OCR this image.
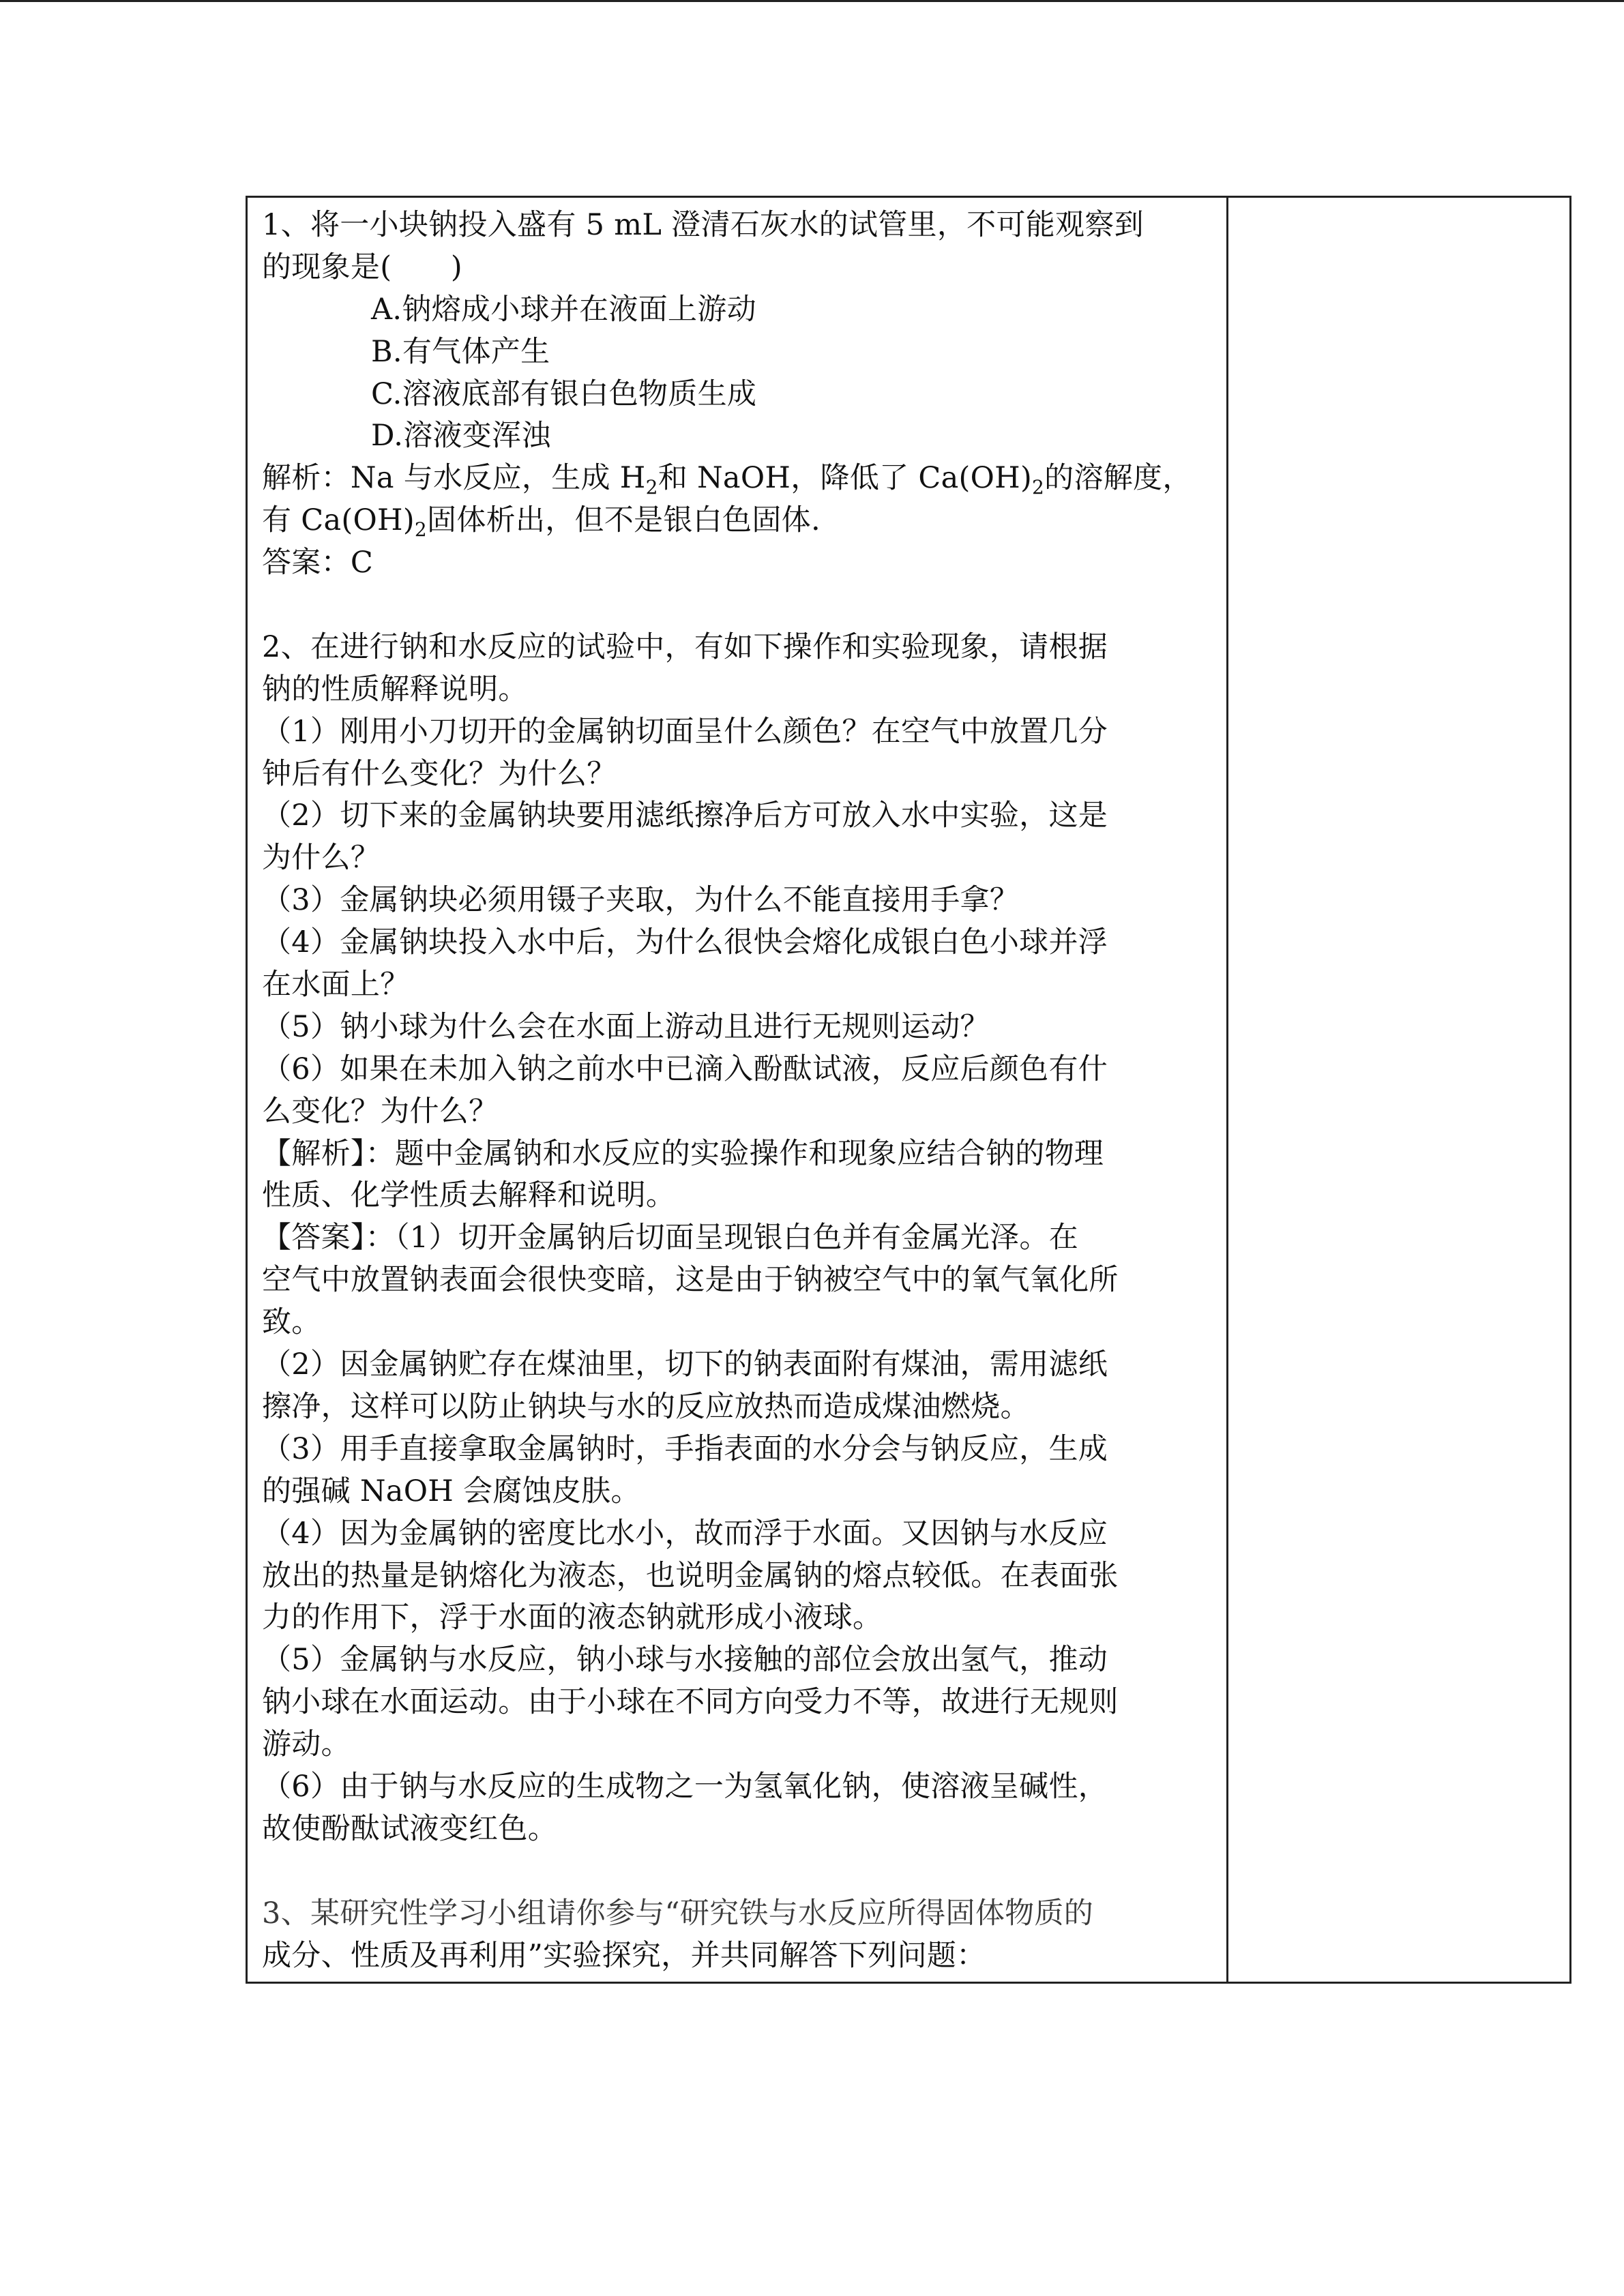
1、将一小块钠投入盛有 5 mL 澄清石灰水的试管里，不可能观察到
的现象是(　　)
A.钠熔成小球并在液面上游动
B.有气体产生
C.溶液底部有银白色物质生成
D.溶液变浑浊
解析：Na 与水反应，生成 $H_2$和 NaOH，降低了 $Ca(OH)_2$的溶解度，
有 $Ca(OH)_2$固体析出，但不是银白色固体.
答案：C
2、在进行钠和水反应的试验中，有如下操作和实验现象，请根据
钠的性质解释说明。
（1）刚用小刀切开的金属钠切面呈什么颜色？在空气中放置几分
钟后有什么变化？为什么？
（2）切下来的金属钠块要用滤纸擦净后方可放入水中实验，这是
为什么？
（3）金属钠块必须用镊子夹取，为什么不能直接用手拿？
（4）金属钠块投入水中后，为什么很快会熔化成银白色小球并浮
在水面上？
（5）钠小球为什么会在水面上游动且进行无规则运动？
（6）如果在未加入钠之前水中已滴入酚酞试液，反应后颜色有什
么变化？为什么？
【解析】：题中金属钠和水反应的实验操作和现象应结合钠的物理
性质、化学性质去解释和说明。
【答案】：（1）切开金属钠后切面呈现银白色并有金属光泽。在
空气中放置钠表面会很快变暗，这是由于钠被空气中的氧气氧化所
致。
（2）因金属钠贮存在煤油里，切下的钠表面附有煤油，需用滤纸
擦净，这样可以防止钠块与水的反应放热而造成煤油燃烧。
（3）用手直接拿取金属钠时，手指表面的水分会与钠反应，生成
的强碱 NaOH 会腐蚀皮肤。
（4）因为金属钠的密度比水小，故而浮于水面。又因钠与水反应
放出的热量是钠熔化为液态，也说明金属钠的熔点较低。在表面张
力的作用下，浮于水面的液态钠就形成小液球。
（5）金属钠与水反应，钠小球与水接触的部位会放出氢气，推动
钠小球在水面运动。由于小球在不同方向受力不等，故进行无规则
游动。
（6）由于钠与水反应的生成物之一为氢氧化钠，使溶液呈碱性，
故使酚酞试液变红色。
3、某研究性学习小组请你参与“研究铁与水反应所得固体物质的
成分、性质及再利用”实验探究，并共同解答下列问题：
